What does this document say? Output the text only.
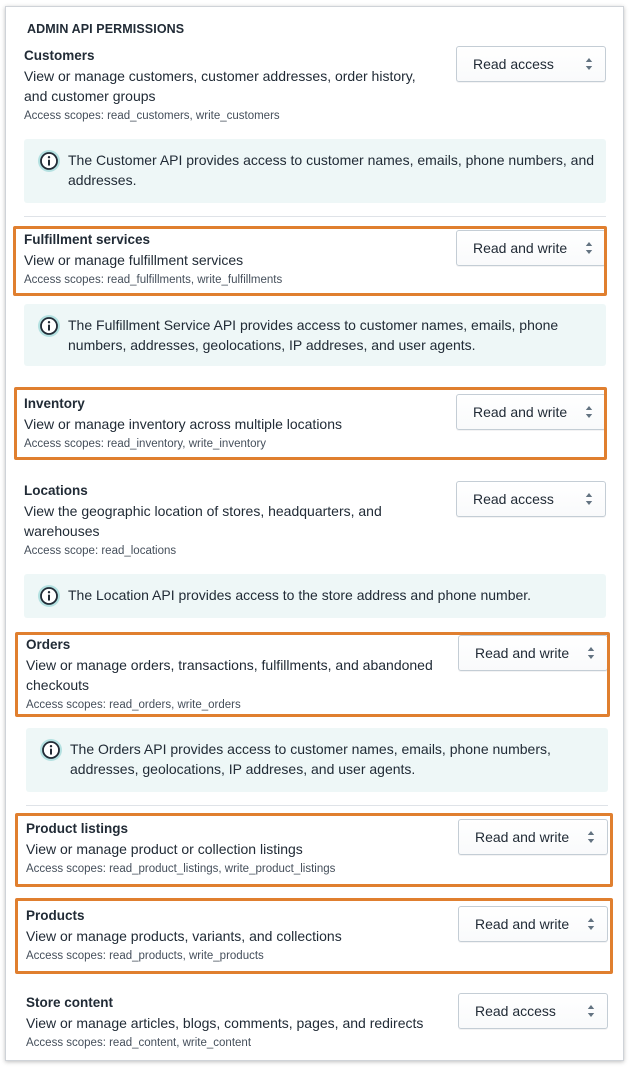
ADMIN API PERMISSIONS
Customers
View or manage customers, customer addresses, order history, and customer groups
Access scopes: read_customers, write_customers
Read access
The Customer API provides access to customer names, emails, phone numbers, and addresses.
Fulfillment services
View or manage fulfillment services
Access scopes: read_fulfillments, write_fulfillments
Read and write
The Fulfillment Service API provides access to customer names, emails, phone numbers, addresses, geolocations, IP addreses, and user agents.
Inventory
View or manage inventory across multiple locations
Access scopes: read_inventory, write_inventory
Read and write
Locations
View the geographic location of stores, headquarters, and warehouses
Access scope: read_locations
Read access
The Location API provides access to the store address and phone number.
Orders
View or manage orders, transactions, fulfillments, and abandoned checkouts
Access scopes: read_orders, write_orders
Read and write
The Orders API provides access to customer names, emails, phone numbers, addresses, geolocations, IP addreses, and user agents.
Product listings
View or manage product or collection listings
Access scopes: read_product_listings, write_product_listings
Read and write
Products
View or manage products, variants, and collections
Access scopes: read_products, write_products
Read and write
Store content
View or manage articles, blogs, comments, pages, and redirects
Access scopes: read_content, write_content
Read access
